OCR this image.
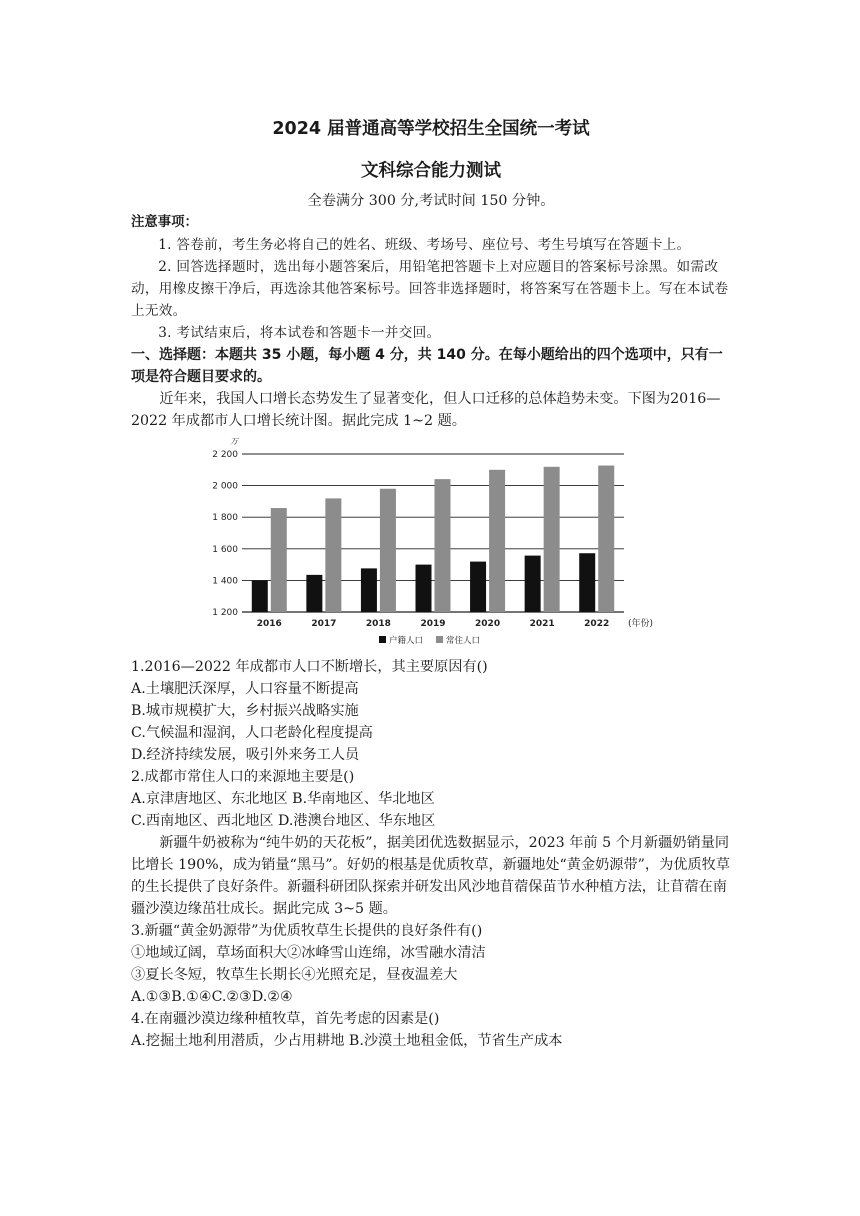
2024 届普通高等学校招生全国统一考试
文科综合能力测试

全卷满分 300 分,考试时间 150 分钟。

注意事项：

1. 答卷前，考生务必将自己的姓名、班级、考场号、座位号、考生号填写在答题卡上。

2. 回答选择题时，选出每小题答案后，用铅笔把答题卡上对应题目的答案标号涂黑。如需改动，用橡皮擦干净后，再选涂其他答案标号。回答非选择题时，将答案写在答题卡上。写在本试卷上无效。

3. 考试结束后，将本试卷和答题卡一并交回。

一、选择题：本题共 35 小题，每小题 4 分，共 140 分。在每小题给出的四个选项中，只有一项是符合题目要求的。

近年来，我国人口增长态势发生了显著变化，但人口迁移的总体趋势未变。下图为2016—2022 年成都市人口增长统计图。据此完成 1~2 题。

万
1 200
1 400
1 600
1 800
2 000
2 200
2016	2017	2018	2019	2020	2021	2022 (年份)
户籍人口	常住人口

1.2016—2022 年成都市人口不断增长，其主要原因有()

A.土壤肥沃深厚，人口容量不断提高

B.城市规模扩大，乡村振兴战略实施

C.气候温和湿润，人口老龄化程度提高

D.经济持续发展，吸引外来务工人员

2.成都市常住人口的来源地主要是()

A.京津唐地区、东北地区 B.华南地区、华北地区

C.西南地区、西北地区 D.港澳台地区、华东地区

新疆牛奶被称为“纯牛奶的天花板”，据美团优选数据显示，2023 年前 5 个月新疆奶销量同比增长 190%，成为销量“黑马”。好奶的根基是优质牧草，新疆地处“黄金奶源带”，为优质牧草的生长提供了良好条件。新疆科研团队探索并研发出风沙地苜蓿保苗节水种植方法，让苜蓿在南疆沙漠边缘茁壮成长。据此完成 3~5 题。

3.新疆“黄金奶源带”为优质牧草生长提供的良好条件有()

①地域辽阔，草场面积大②冰峰雪山连绵，冰雪融水清洁

③夏长冬短，牧草生长期长④光照充足，昼夜温差大

A.①③B.①④C.②③D.②④

4.在南疆沙漠边缘种植牧草，首先考虑的因素是()

A.挖掘土地利用潜质，少占用耕地 B.沙漠土地租金低，节省生产成本
